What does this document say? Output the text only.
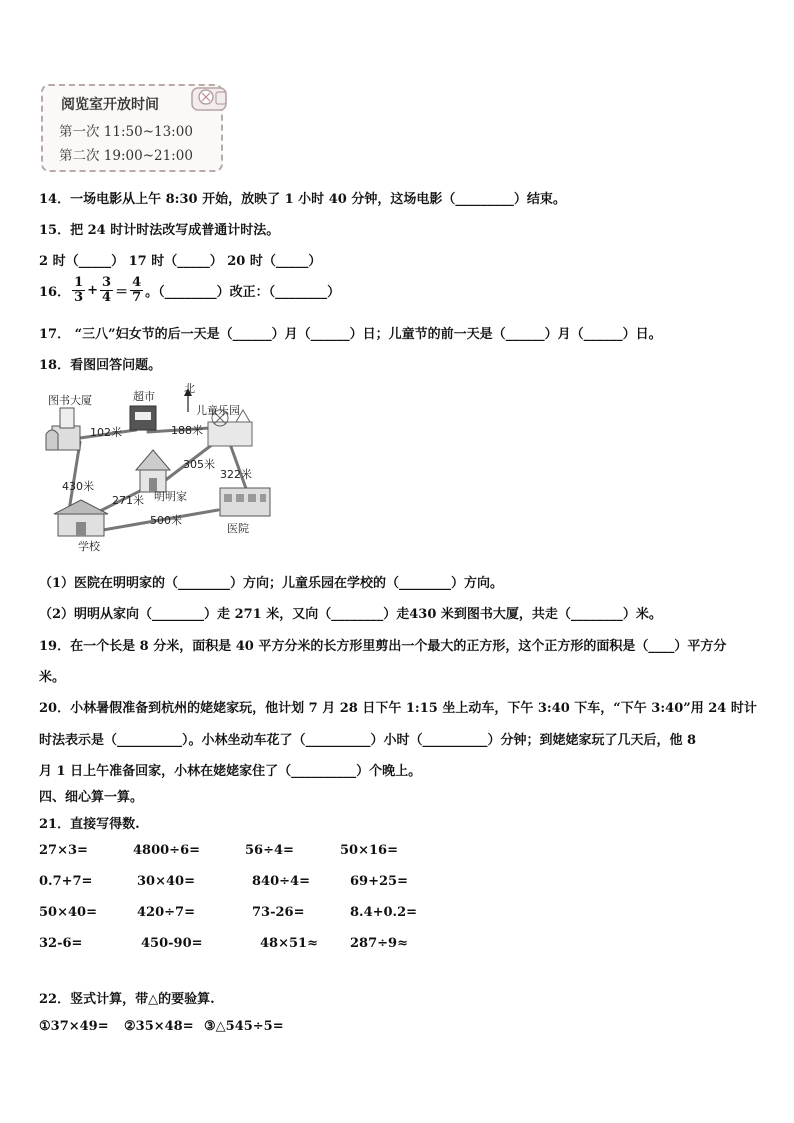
阅览室开放时间
第一次 11:50~13:00
第二次 19:00~21:00
14．一场电影从上午 8:30 开始，放映了 1 小时 40 分钟，这场电影（_________）结束。
15．把 24 时计时法改写成普通计时法。
2 时（_____） 17 时（_____） 20 时（_____）
16． $\frac{1}{3} + \frac{3}{4} = \frac{4}{7}$ 。（________）改正：（________）
17． “三八”妇女节的后一天是（______）月（______）日；儿童节的前一天是（______）月（______）日。
18．看图回答问题。
图书大厦	超市
北
儿童乐园
明明家
医院
学校
102米	188米
305米
322米
430米
271米
500米
（1）医院在明明家的（________）方向；儿童乐园在学校的（________）方向。
（2）明明从家向（________）走 271 米，又向（________）走430 米到图书大厦，共走（________）米。
19．在一个长是 8 分米，面积是 40 平方分米的长方形里剪出一个最大的正方形，这个正方形的面积是（____）平方分
米。
20．小林暑假准备到杭州的姥姥家玩，他计划 7 月 28 日下午 1:15 坐上动车，下午 3:40 下车，“下午 3:40”用 24 时计
时法表示是（__________）。小林坐动车花了（__________）小时（__________）分钟；到姥姥家玩了几天后，他 8
月 1 日上午准备回家，小林在姥姥家住了（__________）个晚上。
四、细心算一算。
21．直接写得数.
27×3=	4800÷6=	56÷4=	50×16=
0.7+7=	30×40=	840÷4=	69+25=
50×40=	420÷7=	73-26=	8.4+0.2=
32-6=	450-90=	48×51≈ 287÷9≈
22．竖式计算，带△的要验算.
①37×49= ②35×48= ③△545÷5=
